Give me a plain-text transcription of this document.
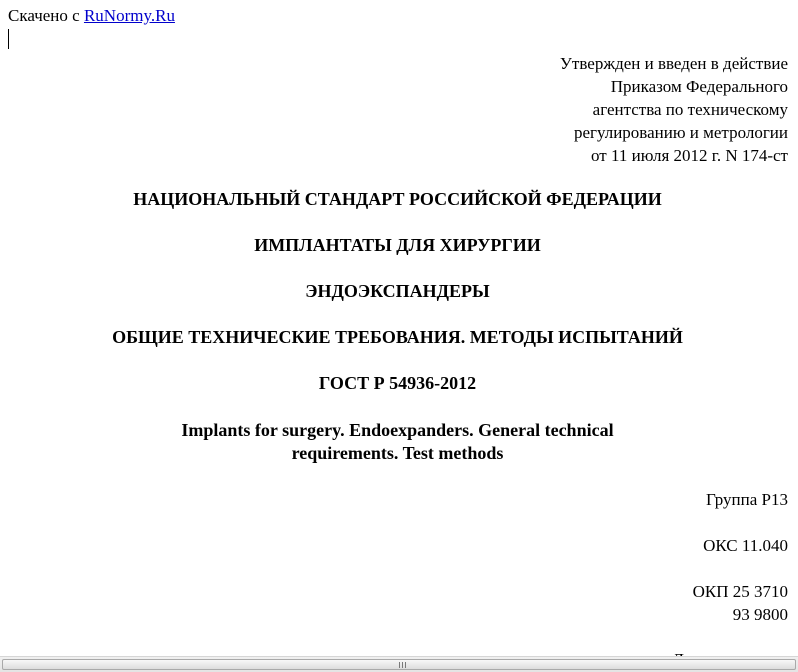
Скачено с RuNormy.Ru
Утвержден и введен в действие
Приказом Федерального
агентства по техническому
регулированию и метрологии
от 11 июля 2012 г. N 174-ст
НАЦИОНАЛЬНЫЙ СТАНДАРТ РОССИЙСКОЙ ФЕДЕРАЦИИ
ИМПЛАНТАТЫ ДЛЯ ХИРУРГИИ
ЭНДОЭКСПАНДЕРЫ
ОБЩИЕ ТЕХНИЧЕСКИЕ ТРЕБОВАНИЯ. МЕТОДЫ ИСПЫТАНИЙ
ГОСТ Р 54936-2012
Implants for surgery. Endoexpanders. General technical
requirements. Test methods
Группа Р13
ОКС 11.040
ОКП 25 3710
93 9800
